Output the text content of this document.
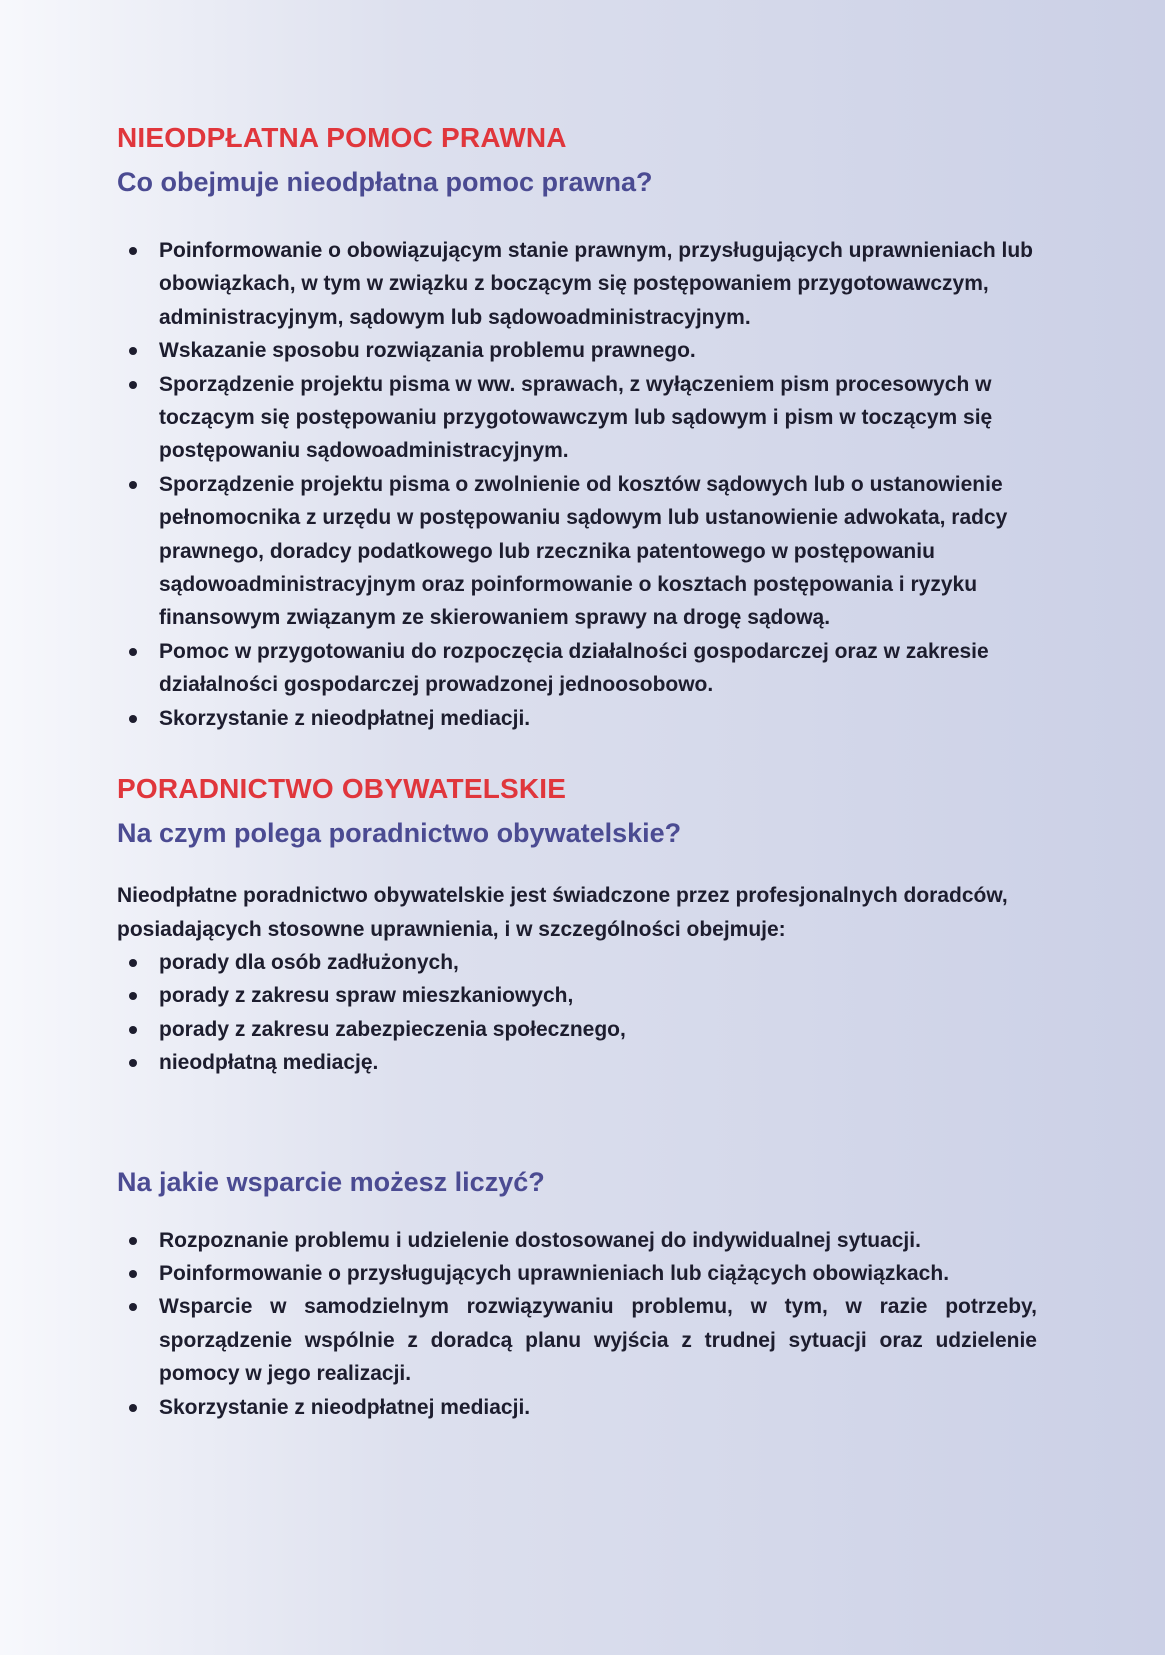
NIEODPŁATNA POMOC PRAWNA
Co obejmuje nieodpłatna pomoc prawna?
Poinformowanie o obowiązującym stanie prawnym, przysługujących uprawnieniach lub obowiązkach, w tym w związku z boczącym się postępowaniem przygotowawczym, administracyjnym, sądowym lub sądowoadministracyjnym.
Wskazanie sposobu rozwiązania problemu prawnego.
Sporządzenie projektu pisma w ww. sprawach, z wyłączeniem pism procesowych w toczącym się postępowaniu przygotowawczym lub sądowym i pism w toczącym się postępowaniu sądowoadministracyjnym.
Sporządzenie projektu pisma o zwolnienie od kosztów sądowych lub o ustanowienie pełnomocnika z urzędu w postępowaniu sądowym lub ustanowienie adwokata, radcy prawnego, doradcy podatkowego lub rzecznika patentowego w postępowaniu sądowoadministracyjnym oraz poinformowanie o kosztach postępowania i ryzyku finansowym związanym ze skierowaniem sprawy na drogę sądową.
Pomoc w przygotowaniu do rozpoczęcia działalności gospodarczej oraz w zakresie działalności gospodarczej prowadzonej jednoosobowo.
Skorzystanie z nieodpłatnej mediacji.
PORADNICTWO OBYWATELSKIE
Na czym polega poradnictwo obywatelskie?

Nieodpłatne poradnictwo obywatelskie jest świadczone przez profesjonalnych doradców, posiadających stosowne uprawnienia, i w szczególności obejmuje:

porady dla osób zadłużonych,
porady z zakresu spraw mieszkaniowych,
porady z zakresu zabezpieczenia społecznego,
nieodpłatną mediację.
Na jakie wsparcie możesz liczyć?
Rozpoznanie problemu i udzielenie dostosowanej do indywidualnej sytuacji.
Poinformowanie o przysługujących uprawnieniach lub ciążących obowiązkach.
Wsparcie w samodzielnym rozwiązywaniu problemu, w tym, w razie potrzeby, sporządzenie wspólnie z doradcą planu wyjścia z trudnej sytuacji oraz udzielenie pomocy w jego realizacji.
Skorzystanie z nieodpłatnej mediacji.
